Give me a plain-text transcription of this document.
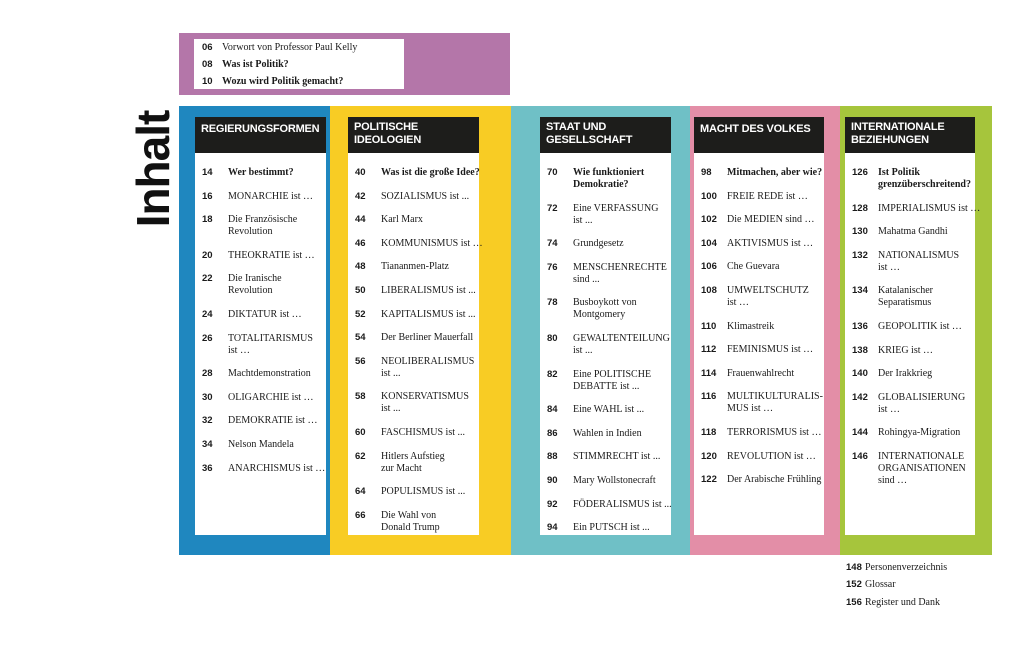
Inhalt
06 Vorwort von Professor Paul Kelly
08 Was ist Politik?
10 Wozu wird Politik gemacht?
REGIERUNGSFORMEN
14 Wer bestimmt?
16 MONARCHIE ist …
18 Die Französische
Revolution
20 THEOKRATIE ist …
22 Die Iranische
Revolution
24 DIKTATUR ist …
26 TOTALITARISMUS
ist …
28 Machtdemonstration
30 OLIGARCHIE ist …
32 DEMOKRATIE ist …
34 Nelson Mandela
36 ANARCHISMUS ist …
POLITISCHE
IDEOLOGIEN
40 Was ist die große Idee?
42 SOZIALISMUS ist ...
44 Karl Marx
46 KOMMUNISMUS ist …
48 Tiananmen-Platz
50 LIBERALISMUS ist ...
52 KAPITALISMUS ist ...
54 Der Berliner Mauerfall
56 NEOLIBERALISMUS
ist ...
58 KONSERVATISMUS
ist ...
60 FASCHISMUS ist ...
62 Hitlers Aufstieg
zur Macht
64 POPULISMUS ist ...
66 Die Wahl von
Donald Trump
STAAT UND
GESELLSCHAFT
70 Wie funktioniert
Demokratie?
72 Eine VERFASSUNG
ist ...
74 Grundgesetz
76 MENSCHENRECHTE
sind ...
78 Busboykott von
Montgomery
80 GEWALTENTEILUNG
ist ...
82 Eine POLITISCHE
DEBATTE ist ...
84 Eine WAHL ist ...
86 Wahlen in Indien
88 STIMMRECHT ist ...
90 Mary Wollstonecraft
92 FÖDERALISMUS ist ...
94 Ein PUTSCH ist ...
MACHT DES VOLKES
98 Mitmachen, aber wie?
100 FREIE REDE ist …
102 Die MEDIEN sind …
104 AKTIVISMUS ist …
106 Che Guevara
108 UMWELTSCHUTZ
ist …
110 Klimastreik
112 FEMINISMUS ist …
114 Frauenwahlrecht
116 MULTIKULTURALIS-
MUS ist …
118 TERRORISMUS ist …
120 REVOLUTION ist …
122 Der Arabische Frühling
INTERNATIONALE
BEZIEHUNGEN
126 Ist Politik
grenzüberschreitend?
128 IMPERIALISMUS ist …
130 Mahatma Gandhi
132 NATIONALISMUS
ist …
134 Katalanischer
Separatismus
136 GEOPOLITIK ist …
138 KRIEG ist …
140 Der Irakkrieg
142 GLOBALISIERUNG
ist …
144 Rohingya-Migration
146 INTERNATIONALE
ORGANISATIONEN
sind …
148 Personenverzeichnis
152 Glossar
156 Register und Dank
